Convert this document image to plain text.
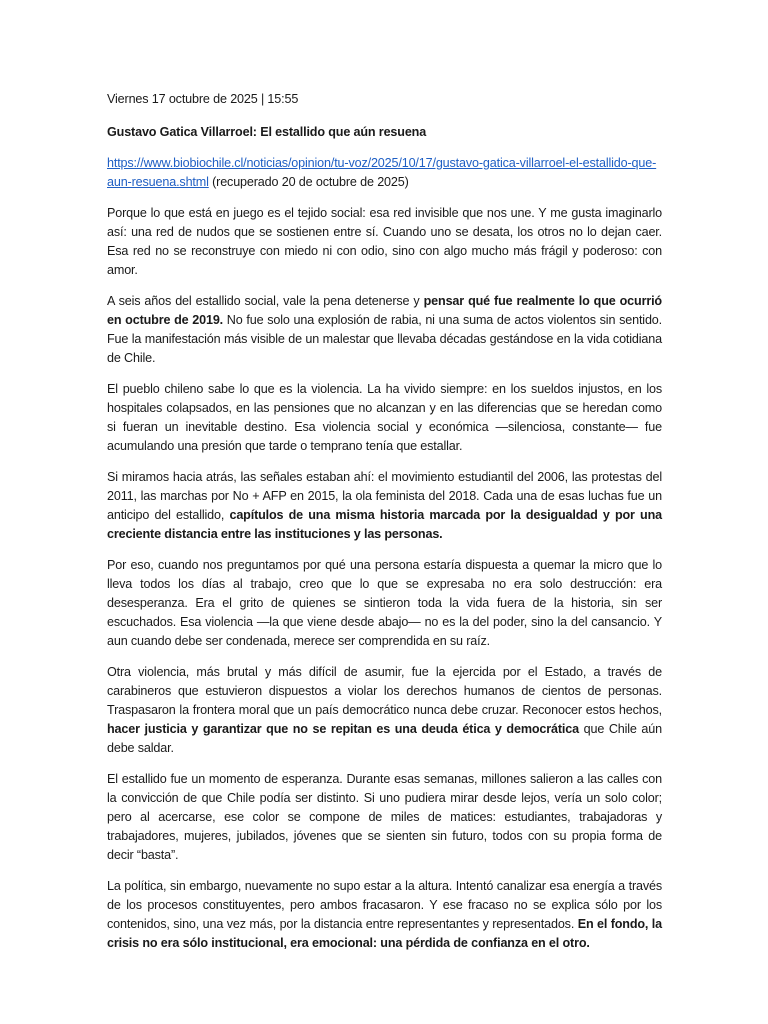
Viernes 17 octubre de 2025 | 15:55

Gustavo Gatica Villarroel: El estallido que aún resuena

https://www.biobiochile.cl/noticias/opinion/tu-voz/2025/10/17/gustavo-gatica-villarroel-el-estallido-que-aun-resuena.shtml (recuperado 20 de octubre de 2025)

Porque lo que está en juego es el tejido social: esa red invisible que nos une. Y me gusta imaginarlo así: una red de nudos que se sostienen entre sí. Cuando uno se desata, los otros no lo dejan caer. Esa red no se reconstruye con miedo ni con odio, sino con algo mucho más frágil y poderoso: con amor.

A seis años del estallido social, vale la pena detenerse y pensar qué fue realmente lo que ocurrió en octubre de 2019. No fue solo una explosión de rabia, ni una suma de actos violentos sin sentido. Fue la manifestación más visible de un malestar que llevaba décadas gestándose en la vida cotidiana de Chile.

El pueblo chileno sabe lo que es la violencia. La ha vivido siempre: en los sueldos injustos, en los hospitales colapsados, en las pensiones que no alcanzan y en las diferencias que se heredan como si fueran un inevitable destino. Esa violencia social y económica —silenciosa, constante— fue acumulando una presión que tarde o temprano tenía que estallar.

Si miramos hacia atrás, las señales estaban ahí: el movimiento estudiantil del 2006, las protestas del 2011, las marchas por No + AFP en 2015, la ola feminista del 2018. Cada una de esas luchas fue un anticipo del estallido, capítulos de una misma historia marcada por la desigualdad y por una creciente distancia entre las instituciones y las personas.

Por eso, cuando nos preguntamos por qué una persona estaría dispuesta a quemar la micro que lo lleva todos los días al trabajo, creo que lo que se expresaba no era solo destrucción: era desesperanza. Era el grito de quienes se sintieron toda la vida fuera de la historia, sin ser escuchados. Esa violencia —la que viene desde abajo— no es la del poder, sino la del cansancio. Y aun cuando debe ser condenada, merece ser comprendida en su raíz.

Otra violencia, más brutal y más difícil de asumir, fue la ejercida por el Estado, a través de carabineros que estuvieron dispuestos a violar los derechos humanos de cientos de personas. Traspasaron la frontera moral que un país democrático nunca debe cruzar. Reconocer estos hechos, hacer justicia y garantizar que no se repitan es una deuda ética y democrática que Chile aún debe saldar.

El estallido fue un momento de esperanza. Durante esas semanas, millones salieron a las calles con la convicción de que Chile podía ser distinto. Si uno pudiera mirar desde lejos, vería un solo color; pero al acercarse, ese color se compone de miles de matices: estudiantes, trabajadoras y trabajadores, mujeres, jubilados, jóvenes que se sienten sin futuro, todos con su propia forma de decir “basta”.

La política, sin embargo, nuevamente no supo estar a la altura. Intentó canalizar esa energía a través de los procesos constituyentes, pero ambos fracasaron. Y ese fracaso no se explica sólo por los contenidos, sino, una vez más, por la distancia entre representantes y representados. En el fondo, la crisis no era sólo institucional, era emocional: una pérdida de confianza en el otro.
